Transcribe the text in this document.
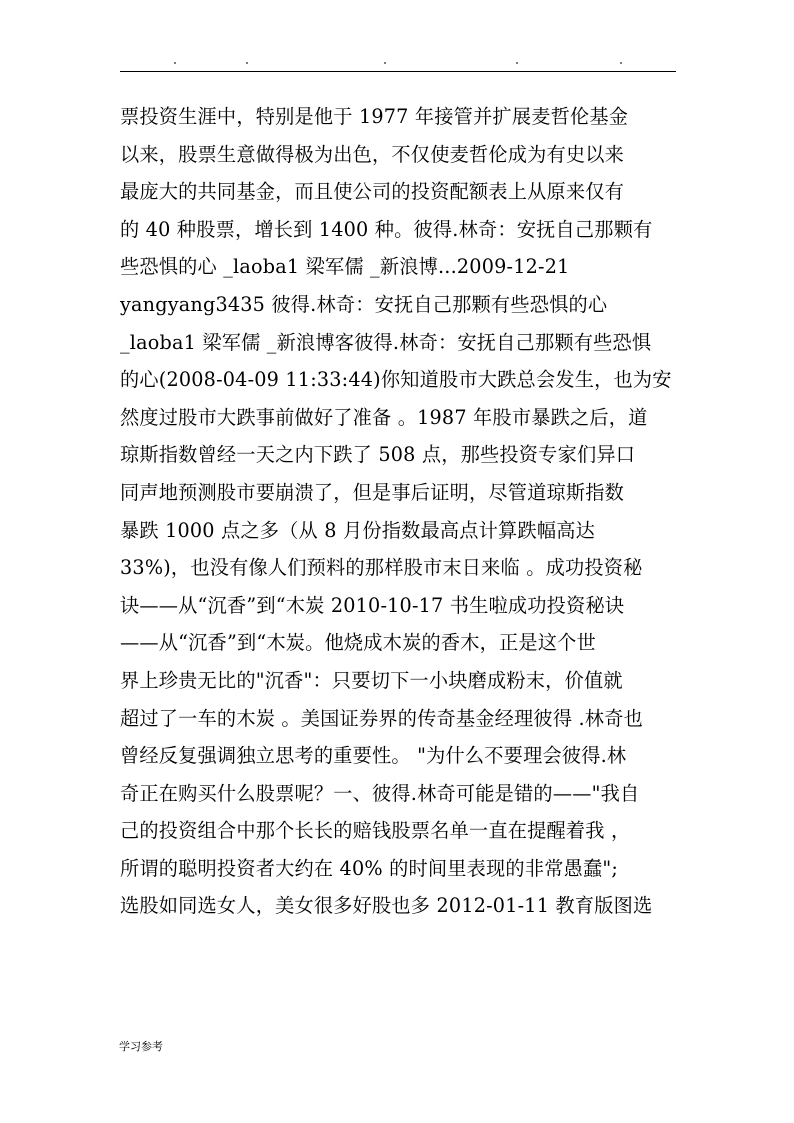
票投资生涯中，特别是他于 1977 年接管并扩展麦哲伦基金
以来，股票生意做得极为出色，不仅使麦哲伦成为有史以来
最庞大的共同基金，而且使公司的投资配额表上从原来仅有
的 40 种股票，增长到 1400 种。彼得.林奇：安抚自己那颗有
些恐惧的心 _laoba1 梁军儒 _新浪博...2009-12-21
yangyang3435 彼得.林奇：安抚自己那颗有些恐惧的心
_laoba1 梁军儒 _新浪博客彼得.林奇：安抚自己那颗有些恐惧
的心(2008-04-09 11:33:44)你知道股市大跌总会发生，也为安
然度过股市大跌事前做好了准备 。1987 年股市暴跌之后，道
琼斯指数曾经一天之内下跌了 508 点，那些投资专家们异口
同声地预测股市要崩溃了，但是事后证明，尽管道琼斯指数
暴跌 1000 点之多（从 8 月份指数最高点计算跌幅高达
33%)，也没有像人们预料的那样股市末日来临 。成功投资秘
诀——从“沉香”到“木炭 2010-10-17 书生啦成功投资秘诀
——从“沉香”到“木炭。他烧成木炭的香木，正是这个世
界上珍贵无比的"沉香"：只要切下一小块磨成粉末，价值就
超过了一车的木炭 。美国证券界的传奇基金经理彼得 .林奇也
曾经反复强调独立思考的重要性。 "为什么不要理会彼得.林
奇正在购买什么股票呢？一、彼得.林奇可能是错的——"我自
己的投资组合中那个长长的赔钱股票名单一直在提醒着我 ，
所谓的聪明投资者大约在 40% 的时间里表现的非常愚蠢";
选股如同选女人，美女很多好股也多 2012-01-11 教育版图选
学习参考
